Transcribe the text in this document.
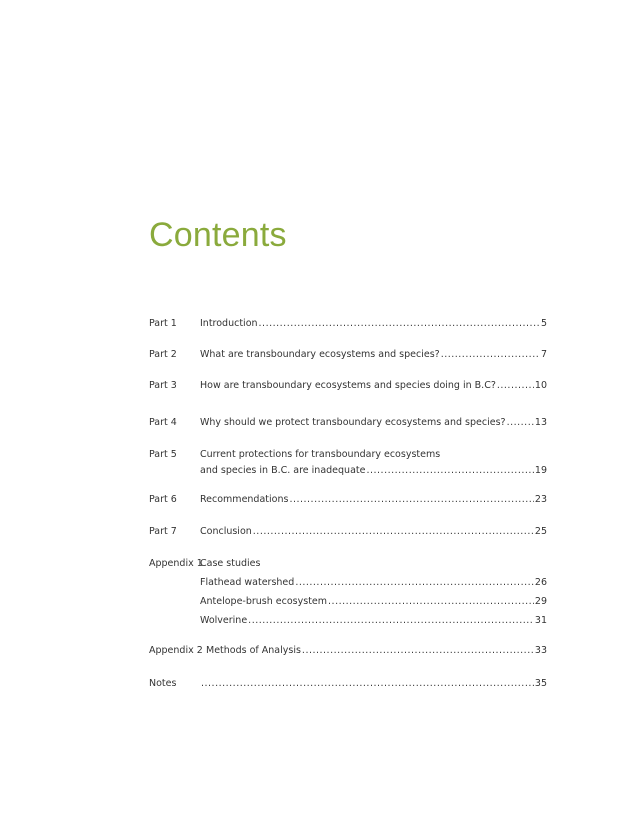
Contents
Part 1 Introduction .....	5
Part 2 What are transboundary ecosystems and species? .....	7
Part 3 How are transboundary ecosystems and species doing in B.C? .....	10
Part 4 Why should we protect transboundary ecosystems and species? .....	13
Part 5 Current protections for transboundary ecosystems
and species in B.C. are inadequate .....	19
Part 6 Recommendations .....	23
Part 7 Conclusion .....	25
Appendix 1
Case studies
Flathead watershed .....	26
Antelope-brush ecosystem .....	29
Wolverine .....	31
Appendix 2 Methods of Analysis .....	33
Notes .....	35
